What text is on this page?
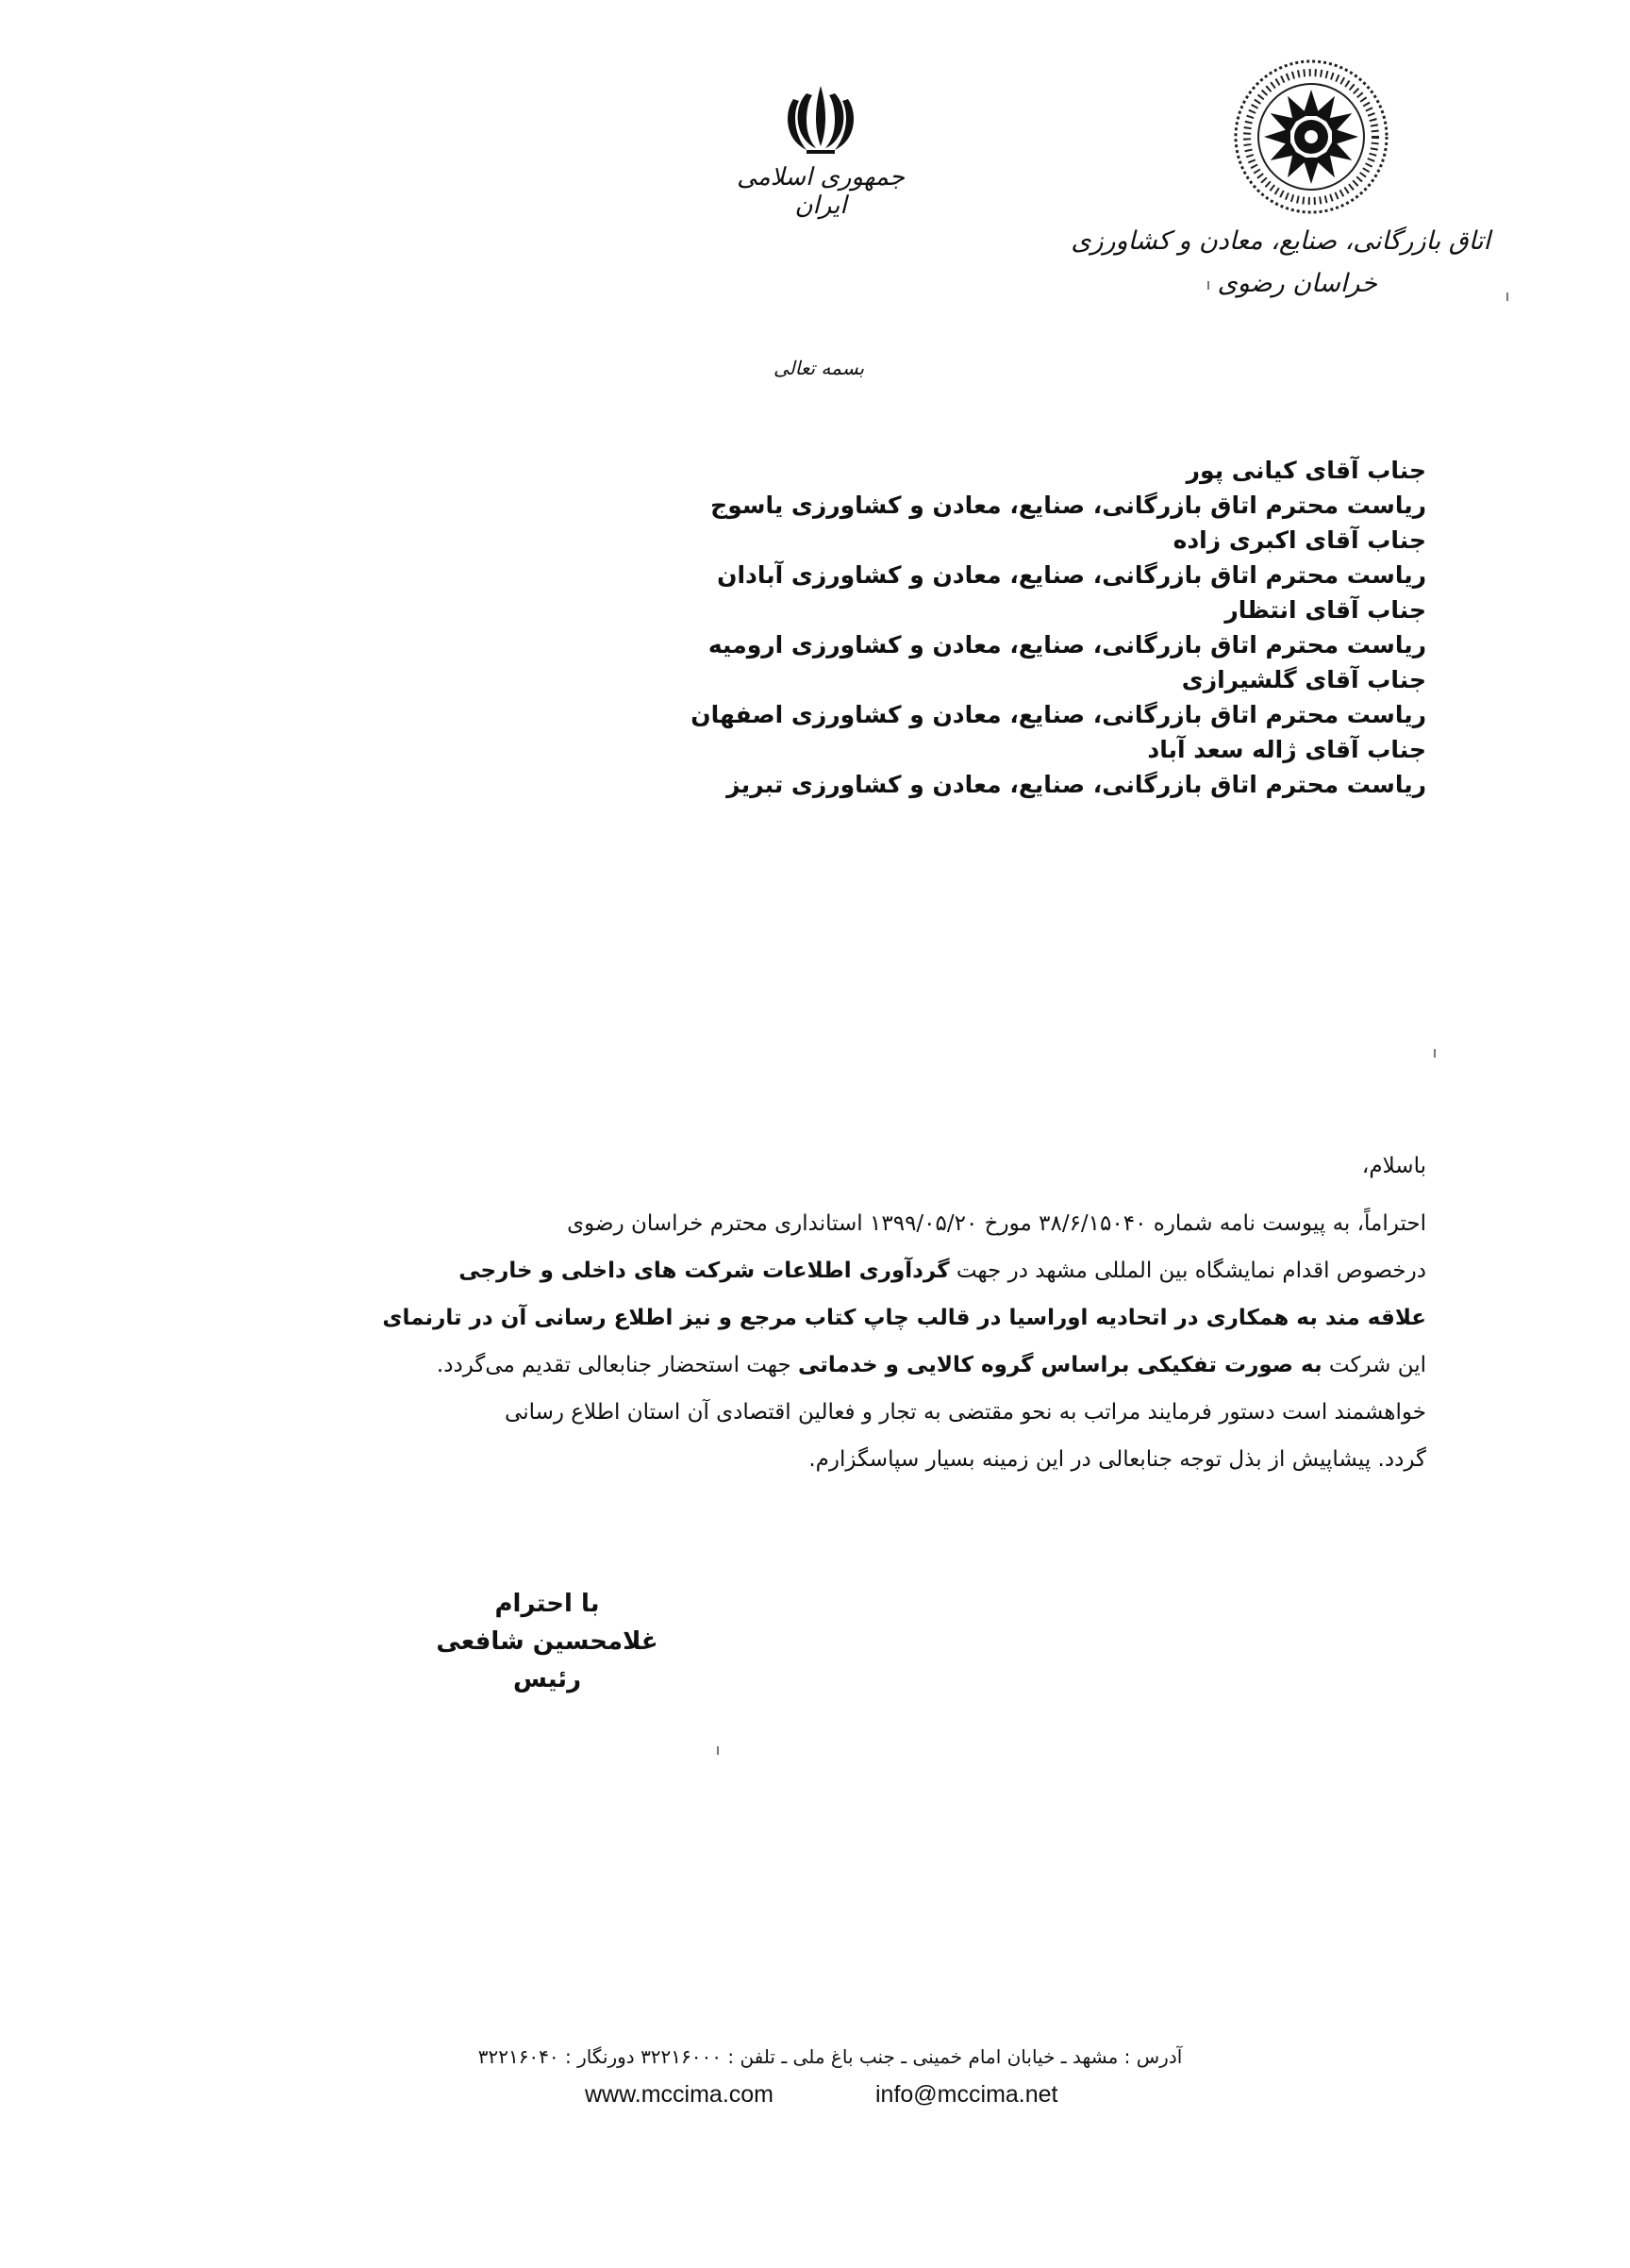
جمهوری اسلامی ایران
اتاق بازرگانی، صنایع، معادن و کشاورزی
خراسان رضوی
بسمه تعالی
جناب آقای کیانی پور
ریاست محترم اتاق بازرگانی، صنایع، معادن و کشاورزی یاسوج
جناب آقای اکبری زاده
ریاست محترم اتاق بازرگانی، صنایع، معادن و کشاورزی آبادان
جناب آقای انتظار
ریاست محترم اتاق بازرگانی، صنایع، معادن و کشاورزی ارومیه
جناب آقای گلشیرازی
ریاست محترم اتاق بازرگانی، صنایع، معادن و کشاورزی اصفهان
جناب آقای ژاله سعد آباد
ریاست محترم اتاق بازرگانی، صنایع، معادن و کشاورزی تبریز
باسلام،
احتراماً، به پیوست نامه شماره ۳۸/۶/۱۵۰۴۰ مورخ ۱۳۹۹/۰۵/۲۰ استانداری محترم خراسان رضوی
درخصوص اقدام نمایشگاه بین المللی مشهد در جهت گردآوری اطلاعات شرکت های داخلی و خارجی
علاقه مند به همکاری در اتحادیه اوراسیا در قالب چاپ کتاب مرجع و نیز اطلاع رسانی آن در تارنمای
این شرکت به صورت تفکیکی براساس گروه کالایی و خدماتی جهت استحضار جنابعالی تقدیم می‌گردد.
خواهشمند است دستور فرمایند مراتب به نحو مقتضی به تجار و فعالین اقتصادی آن استان اطلاع رسانی
گردد. پیشاپیش از بذل توجه جنابعالی در این زمینه بسیار سپاسگزارم.
با احترام
غلامحسین شافعی
رئیس
آدرس : مشهد ـ خیابان امام خمینی ـ جنب باغ ملی ـ تلفن : ۳۲۲۱۶۰۰۰ دورنگار : ۳۲۲۱۶۰۴۰
www.mccima.com	info@mccima.net
